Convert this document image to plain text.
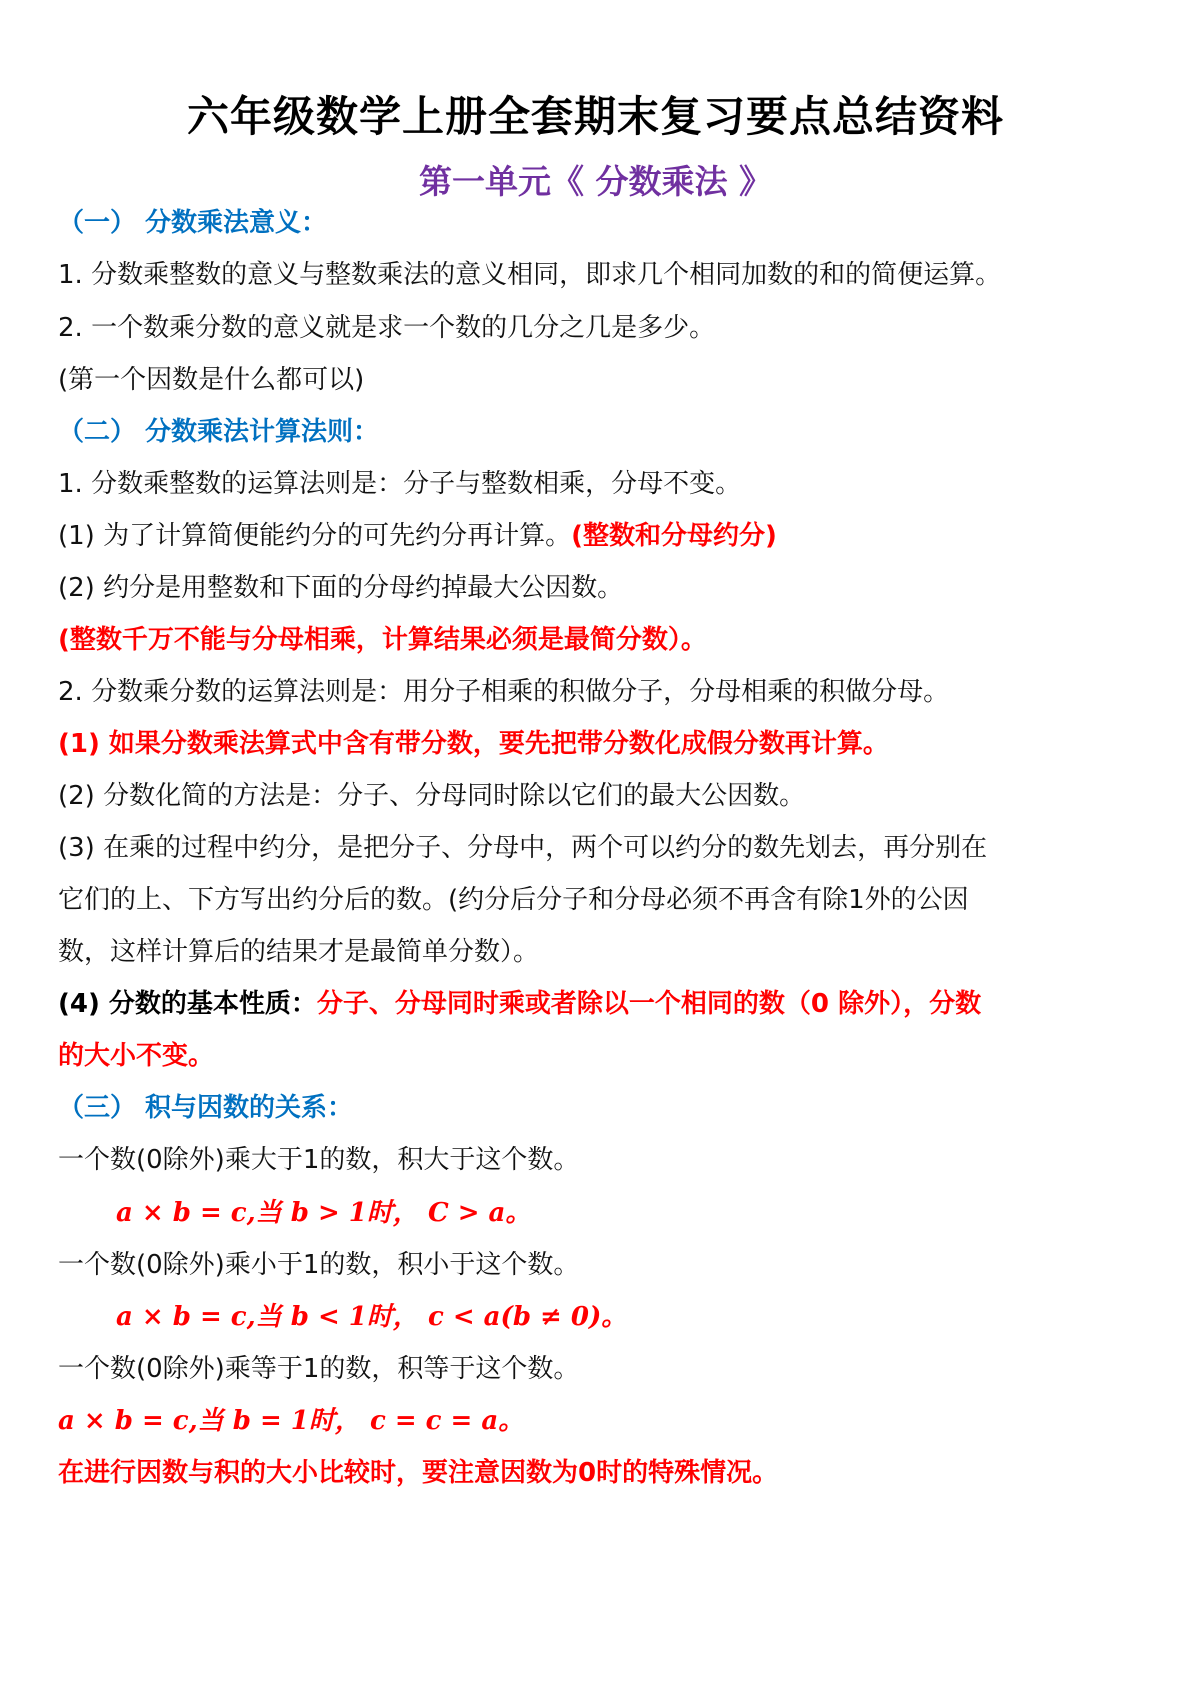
六年级数学上册全套期末复习要点总结资料
第一单元《 分数乘法 》
（一） 分数乘法意义：
1. 分数乘整数的意义与整数乘法的意义相同，即求几个相同加数的和的简便运算。
2. 一个数乘分数的意义就是求一个数的几分之几是多少。
(第一个因数是什么都可以)
（二） 分数乘法计算法则：
1. 分数乘整数的运算法则是：分子与整数相乘，分母不变。
(1) 为了计算简便能约分的可先约分再计算。(整数和分母约分)
(2) 约分是用整数和下面的分母约掉最大公因数。
(整数千万不能与分母相乘，计算结果必须是最简分数）。
2. 分数乘分数的运算法则是：用分子相乘的积做分子，分母相乘的积做分母。
(1) 如果分数乘法算式中含有带分数，要先把带分数化成假分数再计算。
(2) 分数化简的方法是：分子、分母同时除以它们的最大公因数。
(3) 在乘的过程中约分，是把分子、分母中，两个可以约分的数先划去，再分别在
它们的上、下方写出约分后的数。(约分后分子和分母必须不再含有除1外的公因
数，这样计算后的结果才是最简单分数）。
(4) 分数的基本性质：分子、分母同时乘或者除以一个相同的数（0 除外），分数
的大小不变。
（三） 积与因数的关系：
一个数(0除外)乘大于1的数，积大于这个数。
a × b = c,当 b > 1时， C > a。
一个数(0除外)乘小于1的数，积小于这个数。
a × b = c,当 b < 1时， c < a(b ≠ 0)。
一个数(0除外)乘等于1的数，积等于这个数。
a × b = c,当 b = 1时， c = c = a。
在进行因数与积的大小比较时，要注意因数为0时的特殊情况。
